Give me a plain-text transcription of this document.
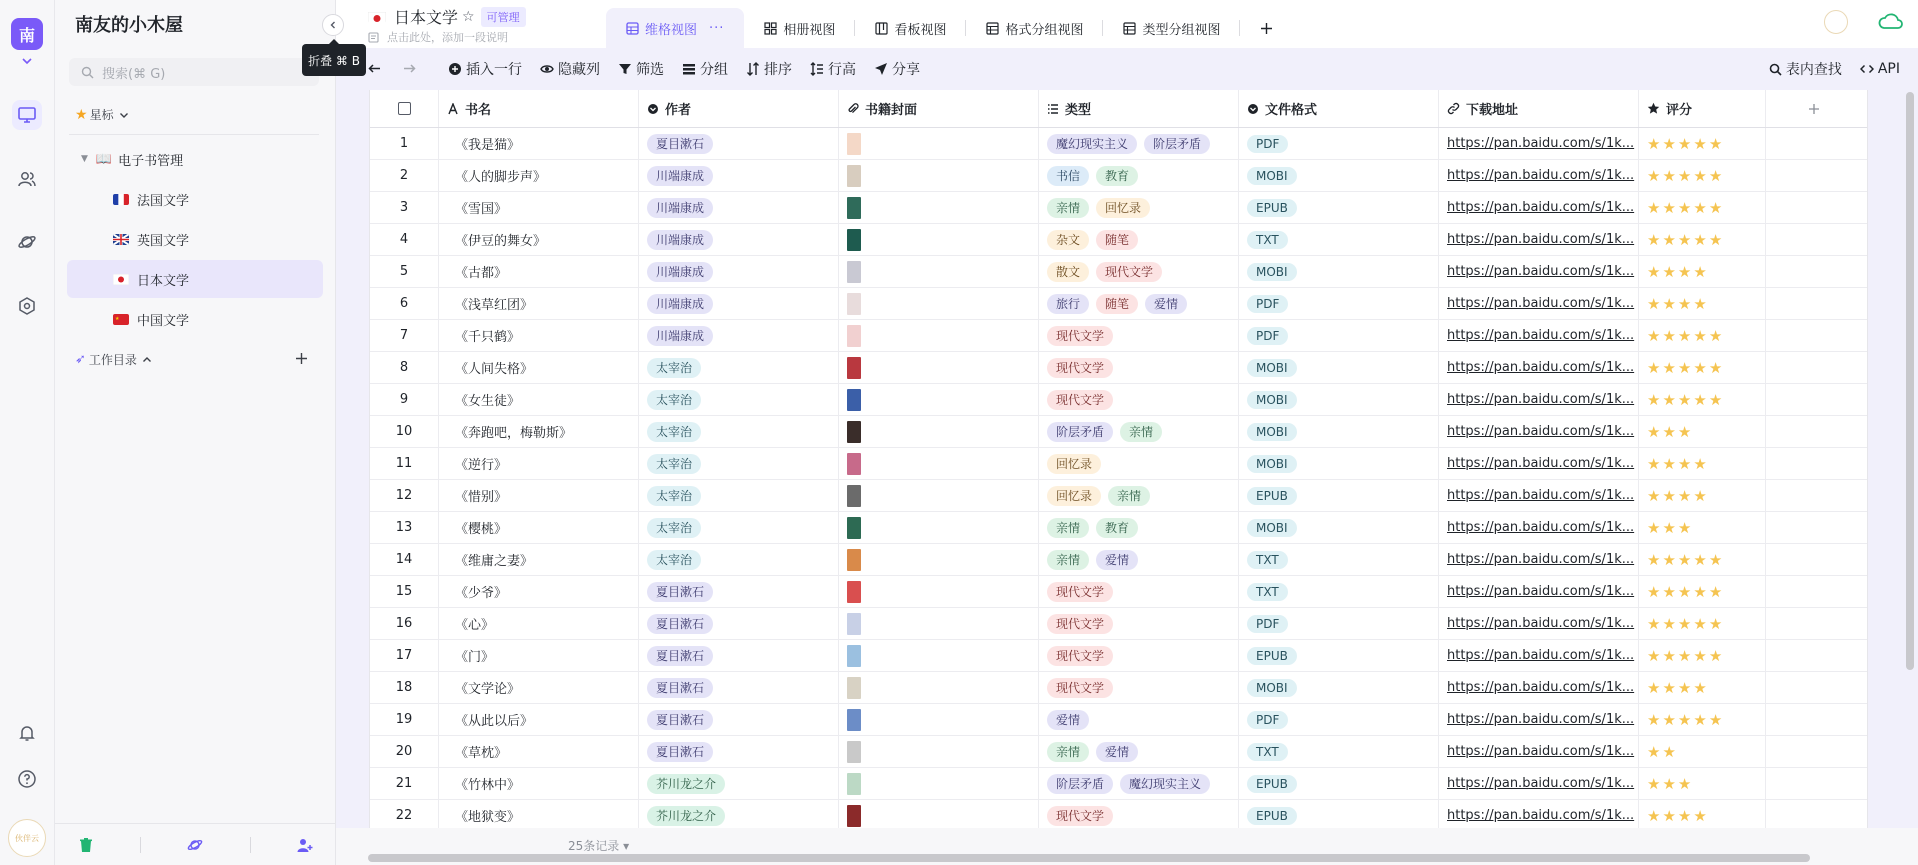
南
伙伴云
南友的小木屋
搜索(⌘ G)
★ 星标
▼ 📖 电子书管理
法国文学
英国文学
日本文学
★ 中国文学
➶ 工作目录
折叠 ⌘ B
日本文学 ☆	可管理
点击此处，添加一段说明	维格视图 ···	相册视图	看板视图	格式分组视图	类型分组视图
插入一行	隐藏列	筛选	分组	排序	行高	分享	表内查找	API
书名	作者	书籍封面	类型	文件格式	下载地址	评分
1	《我是猫》	夏目漱石	魔幻现实主义	阶层矛盾	PDF	https://pan.baidu.com/s/1k... ★★★★★
2	《人的脚步声》	川端康成	书信	教育	MOBI	https://pan.baidu.com/s/1k... ★★★★★
3	《雪国》	川端康成	亲情	回忆录	EPUB	https://pan.baidu.com/s/1k... ★★★★★
4	《伊豆的舞女》	川端康成	杂文	随笔	TXT	https://pan.baidu.com/s/1k... ★★★★★
5	《古都》	川端康成	散文	现代文学	MOBI	https://pan.baidu.com/s/1k... ★★★★
6	《浅草红团》	川端康成	旅行	随笔	爱情	PDF	https://pan.baidu.com/s/1k... ★★★★
7	《千只鹤》	川端康成	现代文学	PDF	https://pan.baidu.com/s/1k... ★★★★★
8	《人间失格》	太宰治	现代文学	MOBI	https://pan.baidu.com/s/1k... ★★★★★
9	《女生徒》	太宰治	现代文学	MOBI	https://pan.baidu.com/s/1k... ★★★★★
10	《奔跑吧，梅勒斯》	太宰治	阶层矛盾	亲情	MOBI	https://pan.baidu.com/s/1k... ★★★
11	《逆行》	太宰治	回忆录	MOBI	https://pan.baidu.com/s/1k... ★★★★
12	《惜别》	太宰治	回忆录	亲情	EPUB	https://pan.baidu.com/s/1k... ★★★★
13	《樱桃》	太宰治	亲情	教育	MOBI	https://pan.baidu.com/s/1k... ★★★
14	《维庸之妻》	太宰治	亲情	爱情	TXT	https://pan.baidu.com/s/1k... ★★★★★
15	《少爷》	夏目漱石	现代文学	TXT	https://pan.baidu.com/s/1k... ★★★★★
16	《心》	夏目漱石	现代文学	PDF	https://pan.baidu.com/s/1k... ★★★★★
17	《门》	夏目漱石	现代文学	EPUB	https://pan.baidu.com/s/1k... ★★★★★
18	《文学论》	夏目漱石	现代文学	MOBI	https://pan.baidu.com/s/1k... ★★★★
19	《从此以后》	夏目漱石	爱情	PDF	https://pan.baidu.com/s/1k... ★★★★★
20	《草枕》	夏目漱石	亲情	爱情	TXT	https://pan.baidu.com/s/1k... ★★
21	《竹林中》	芥川龙之介	阶层矛盾	魔幻现实主义	EPUB	https://pan.baidu.com/s/1k... ★★★
22	《地狱变》	芥川龙之介	现代文学	EPUB	https://pan.baidu.com/s/1k... ★★★★
25条记录 ▾
